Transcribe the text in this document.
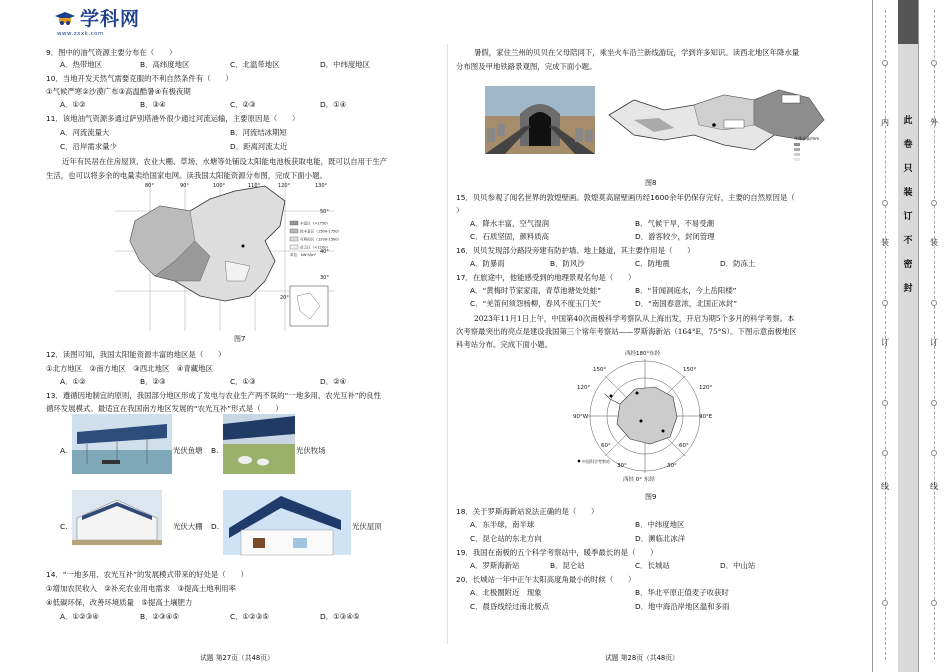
学科网
www.zxxk.com
9．图中的油气资源主要分布在（　　）
A．热带地区	B．高纬度地区	C．北温带地区	D．中纬度地区
10．当地开发天然气需要克服的不利自然条件有（　　）
①气候严寒②沙漠广布③高温酷暑④有极夜期
A．①②	B．③④	C．②③	D．①④
11．该地油气资源多通过萨别塔港外很少通过河流运输，主要原因是（　　）
A．河流流量大	B．河流结冰期短
C．沿岸需求量少	D．距离河流太近
近年有民居在住房屋顶、农业大棚、草场、水塘等处铺设太阳能电池板获取电能，既可以自用于生产
生活，也可以将多余的电量卖给国家电网。读我国太阳能资源分布图，完成下面小题。
80°	90°	100°	110°	120°	130°
50°
40°
30°
20°
丰富区（>1750）
较丰富区（1500-1750）
可利用区（1200-1500）
贫乏区（<1200）
单位：kW·h/m²
图7
12．读图可知，我国太阳能资源丰富的地区是（　　）
①北方地区　②南方地区　③西北地区　④青藏地区
A．①②	B．②③	C．①③	D．②④
13．遵循因地制宜的原则，我国部分地区形成了发电与农业生产两不误的“一地多用、农光互补”的良性
循环发展模式。最适宜在我国南方地区发展的“农光互补”形式是（　　）
A.	光伏鱼塘 B.	光伏牧场
C.	光伏大棚 D.	光伏屋顶
14．“一地多用、农光互补”的发展模式带来的好处是（　　）
①增加农民收入　②补充农业用电需求　③提高土地利用率
④低碳环保，改善环境质量　⑤提高土壤肥力
A．①②③④	B．②③④⑤	C．①②③⑤	D．①③④⑤
试题 第27页（共48页）
暑假，家住兰州的贝贝在父母陪同下，乘坐火车沿兰新线游玩，学到许多知识。读西北地区年降水量
分布图及甲地铁路景观图，完成下面小题。
年降水量/mm
图8
15．贝贝参观了闻名世界的敦煌壁画。敦煌莫高窟壁画历经1600余年仍保存完好，主要的自然原因是（
）
A．降水丰富，空气湿润	B．气候干旱，不易受潮
C．石质坚固，颜料质高	D．游客较少，封闭管理
16．贝贝发现部分路段旁建有防护墙、地上隧道，其主要作用是（　　）
A．防暴雨	B．防风沙	C．防地震	D．防冻土
17．在旅途中，他能感受到的地理景观名句是（　　）
A．“黄梅时节家家雨，青草池塘处处蛙”	B．“昔闻洞庭水，今上岳阳楼”
C．“羌笛何须怨杨柳，春风不度玉门关”	D．“南国春意浓，北国正冰封”
2023年11月1日上午，中国第40次南极科学考察队从上海出发，开启为期5个多月的科学考察。本
次考察最突出的亮点是建设我国第三个常年考察站——罗斯海新站（164°E，75°S）。下图示意南极地区
科考站分布。完成下面小题。
西经180°东经
150°	150°
120°	120°
60°	60°
90°W	90°E
30°	30°
西经 0° 东经
中国科学考察站
图9
18．关于罗斯海新站说法正确的是（　　）
A．东半球，南半球	B．中纬度地区
C．昆仑站的东北方向	D．濒临北冰洋
19．我国在南极的五个科学考察站中，暖季最长的是（　　）
A．罗斯海新站	B．昆仑站	C．长城站	D．中山站
20．长城站一年中正午太阳高度角最小的时候（　　）
A．北极圈附近　现象	B．华北平原正值麦子收获时
C．晨昏线经过南北极点	D．地中海沿岸地区温和多雨
试题 第28页（共48页）
内
装
订
线
外
装
订
线
此
卷
只
装
订
不
密
封
